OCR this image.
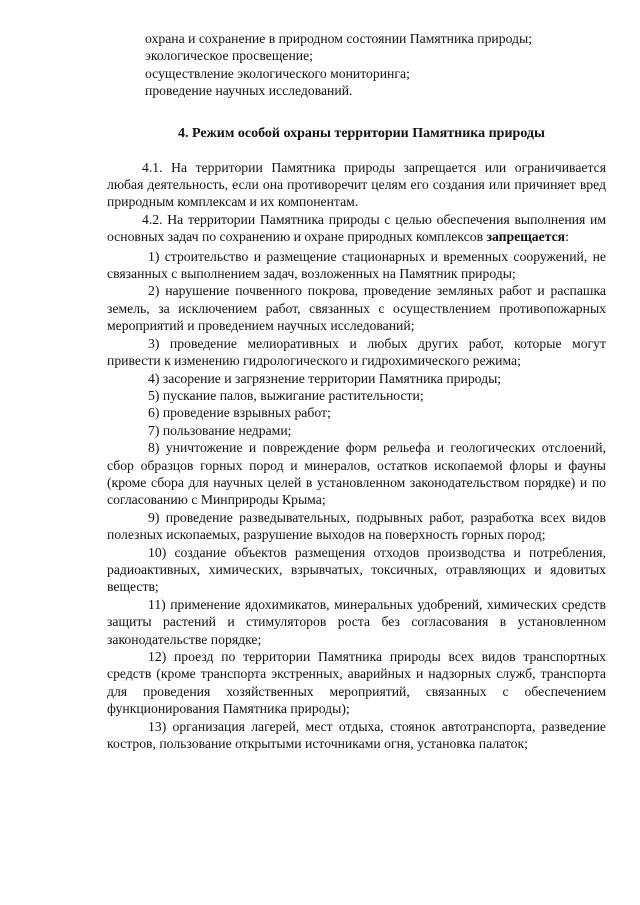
охрана и сохранение в природном состоянии Памятника природы;

экологическое просвещение;

осуществление экологического мониторинга;

проведение научных исследований.

4. Режим особой охраны территории Памятника природы

4.1. На территории Памятника природы запрещается или ограничивается любая деятельность, если она противоречит целям его создания или причиняет вред природным комплексам и их компонентам.

4.2. На территории Памятника природы с целью обеспечения выполнения им основных задач по сохранению и охране природных комплексов запрещается:

1) строительство и размещение стационарных и временных сооружений, не связанных с выполнением задач, возложенных на Памятник природы;

2) нарушение почвенного покрова, проведение земляных работ и распашка земель, за исключением работ, связанных с осуществлением противопожарных мероприятий и проведением научных исследований;

3) проведение мелиоративных и любых других работ, которые могут привести к изменению гидрологического и гидрохимического режима;

4) засорение и загрязнение территории Памятника природы;

5) пускание палов, выжигание растительности;

6) проведение взрывных работ;

7) пользование недрами;

8) уничтожение и повреждение форм рельефа и геологических отслоений, сбор образцов горных пород и минералов, остатков ископаемой флоры и фауны (кроме сбора для научных целей в установленном законодательством порядке) и по согласованию с Минприроды Крыма;

9) проведение разведывательных, подрывных работ, разработка всех видов полезных ископаемых, разрушение выходов на поверхность горных пород;

10) создание объектов размещения отходов производства и потребления, радиоактивных, химических, взрывчатых, токсичных, отравляющих и ядовитых веществ;

11) применение ядохимикатов, минеральных удобрений, химических средств защиты растений и стимуляторов роста без согласования в установленном законодательстве порядке;

12) проезд по территории Памятника природы всех видов транспортных средств (кроме транспорта экстренных, аварийных и надзорных служб, транспорта для проведения хозяйственных мероприятий, связанных с обеспечением функционирования Памятника природы);

13) организация лагерей, мест отдыха, стоянок автотранспорта, разведение костров, пользование открытыми источниками огня, установка палаток;
